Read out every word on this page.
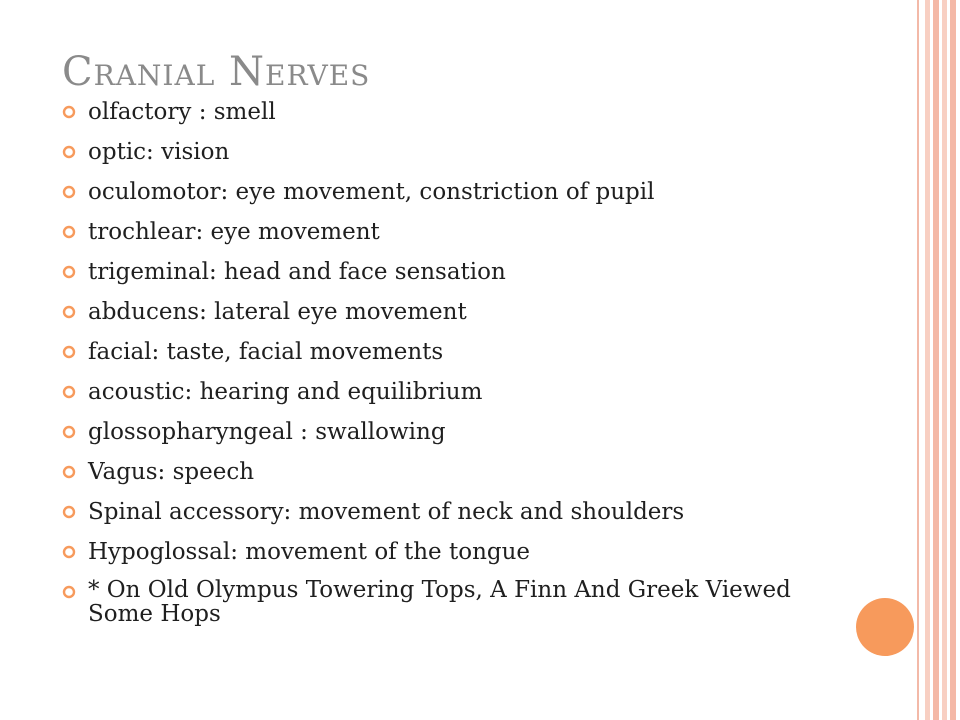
Cranial Nerves
olfactory : smell
optic: vision
oculomotor: eye movement, constriction of pupil
trochlear: eye movement
trigeminal: head and face sensation
abducens: lateral eye movement
facial: taste, facial movements
acoustic: hearing and equilibrium
glossopharyngeal : swallowing
Vagus: speech
Spinal accessory: movement of neck and shoulders
Hypoglossal: movement of the tongue
* On Old Olympus Towering Tops, A Finn And Greek Viewed Some Hops
